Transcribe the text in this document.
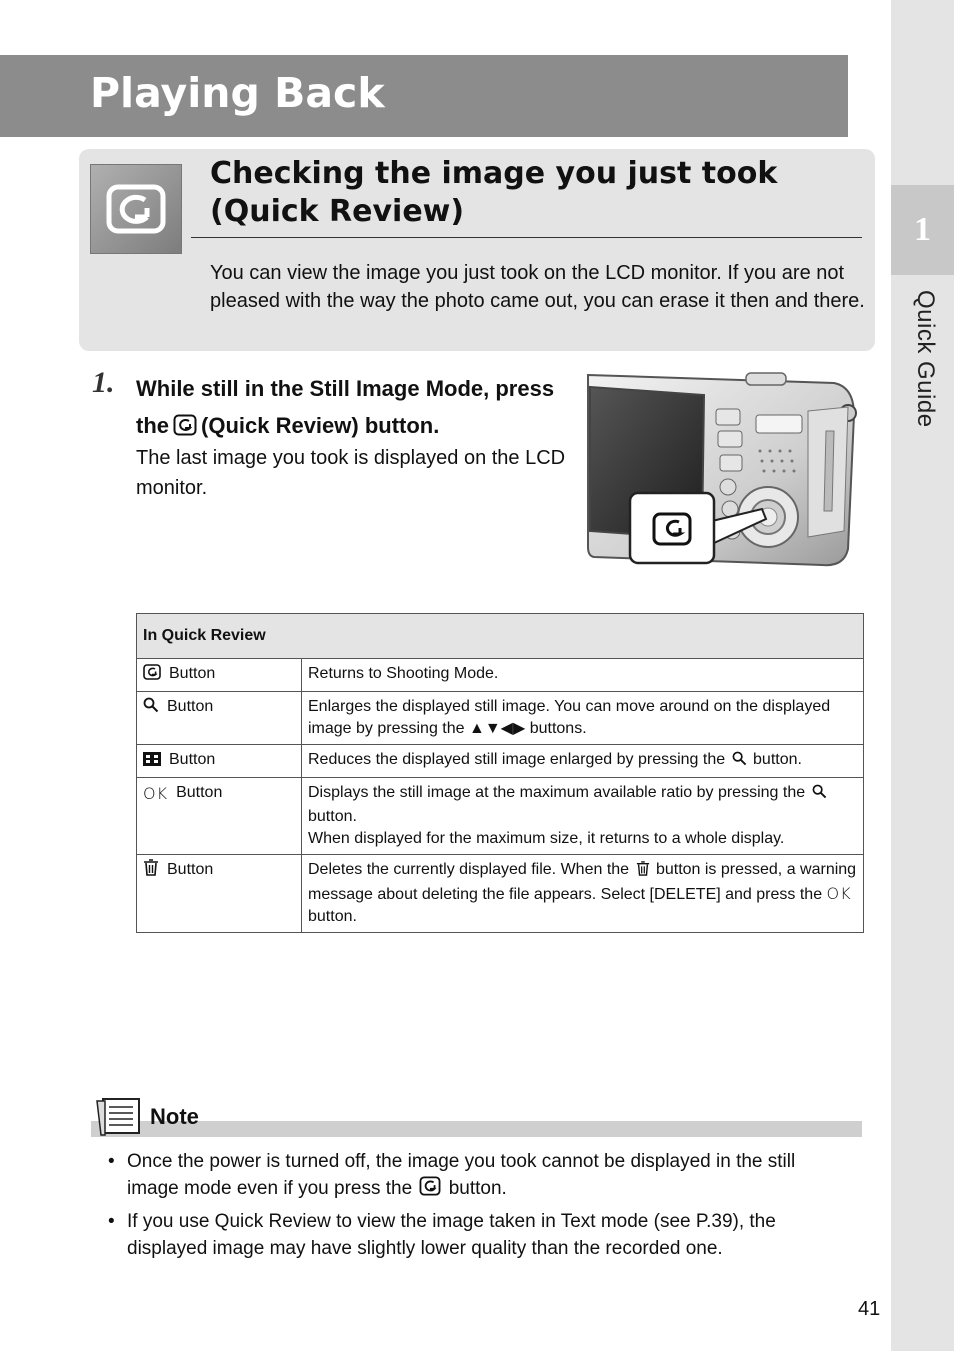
1
Quick Guide
Playing Back
Checking the image you just took (Quick Review)

You can view the image you just took on the LCD monitor. If you are not pleased with the way the photo came out, you can erase it then and there.

1. While still in the Still Image Mode, press the (Quick Review) button.

The last image you took is displayed on the LCD monitor.

In Quick Review	
Button	Returns to Shooting Mode.
Button	Enlarges the displayed still image. You can move around on the displayed image by pressing the ▲▼◀▶ buttons.
Button	Reduces the displayed still image enlarged by pressing the  button.
OK Button	Displays the still image at the maximum available ratio by pressing the  button.
When displayed for the maximum size, it returns to a whole display.
Button	Deletes the currently displayed file. When the  button is pressed, a warning message about deleting the file appears. Select [DELETE] and press the OK button.

Note

• Once the power is turned off, the image you took cannot be displayed in the still image mode even if you press the  button.
• If you use Quick Review to view the image taken in Text mode (see P.39), the displayed image may have slightly lower quality than the recorded one.
41
